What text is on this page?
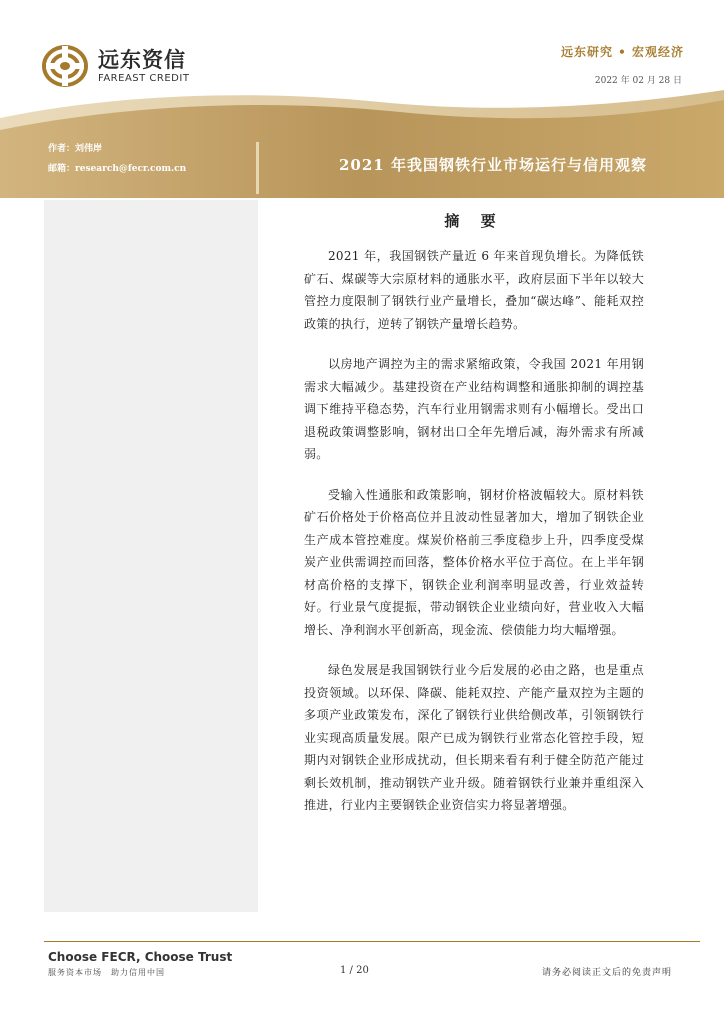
远东资信
FAREAST CREDIT
远东研究 • 宏观经济
2022 年 02 月 28 日
作者：刘伟岸
邮箱：research@fecr.com.cn	2021 年我国钢铁行业市场运行与信用观察
摘 要

2021 年，我国钢铁产量近 6 年来首现负增长。为降低铁矿石、煤碳等大宗原材料的通胀水平，政府层面下半年以较大管控力度限制了钢铁行业产量增长，叠加“碳达峰”、能耗双控政策的执行，逆转了钢铁产量增长趋势。

以房地产调控为主的需求紧缩政策，令我国 2021 年用钢需求大幅减少。基建投资在产业结构调整和通胀抑制的调控基调下维持平稳态势，汽车行业用钢需求则有小幅增长。受出口退税政策调整影响，钢材出口全年先增后减，海外需求有所减弱。

受输入性通胀和政策影响，钢材价格波幅较大。原材料铁矿石价格处于价格高位并且波动性显著加大，增加了钢铁企业生产成本管控难度。煤炭价格前三季度稳步上升，四季度受煤炭产业供需调控而回落，整体价格水平位于高位。在上半年钢材高价格的支撑下，钢铁企业利润率明显改善，行业效益转好。行业景气度提振，带动钢铁企业业绩向好，营业收入大幅增长、净利润水平创新高，现金流、偿债能力均大幅增强。

绿色发展是我国钢铁行业今后发展的必由之路，也是重点投资领域。以环保、降碳、能耗双控、产能产量双控为主题的多项产业政策发布，深化了钢铁行业供给侧改革，引领钢铁行业实现高质量发展。限产已成为钢铁行业常态化管控手段，短期内对钢铁企业形成扰动，但长期来看有利于健全防范产能过剩长效机制，推动钢铁产业升级。随着钢铁行业兼并重组深入推进，行业内主要钢铁企业资信实力将显著增强。

Choose FECR, Choose Trust
服务资本市场　助力信用中国	1 / 20	请务必阅读正文后的免责声明
